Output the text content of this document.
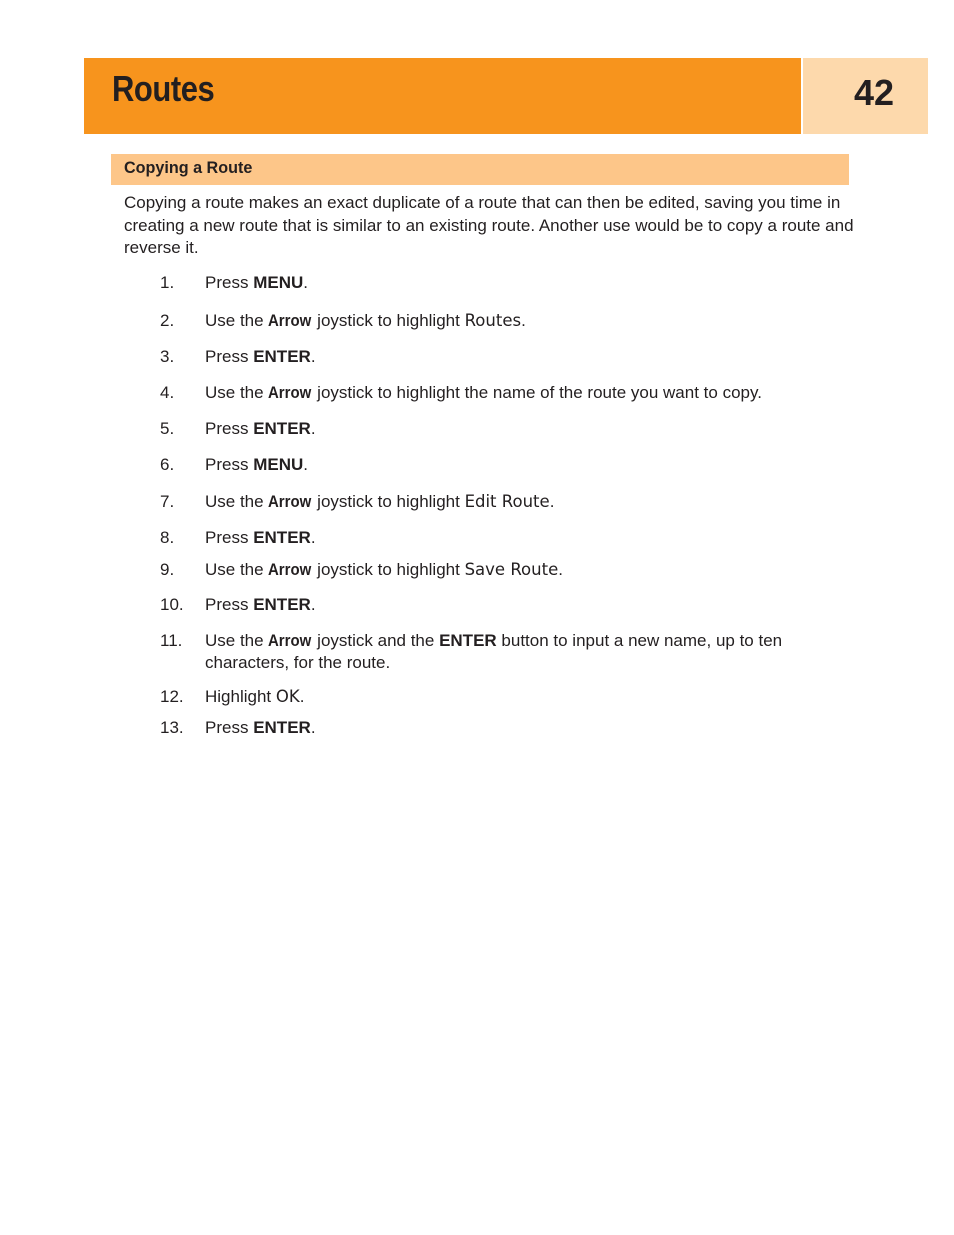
Routes	42
Copying a Route
Copying a route makes an exact duplicate of a route that can then be edited, saving you time in creating a new route that is similar to an existing route. Another use would be to copy a route and reverse it.
1.	Press MENU.
2.	Use the Arrow joystick to highlight Routes.
3.	Press ENTER.
4.	Use the Arrow joystick to highlight the name of the route you want to copy.
5.	Press ENTER.
6.	Press MENU.
7.	Use the Arrow joystick to highlight Edit Route.
8.	Press ENTER.
9.	Use the Arrow joystick to highlight Save Route.
10.	Press ENTER.
11.	Use the Arrow joystick and the ENTER button to input a new name, up to ten characters, for the route.
12.	Highlight OK.
13.	Press ENTER.
